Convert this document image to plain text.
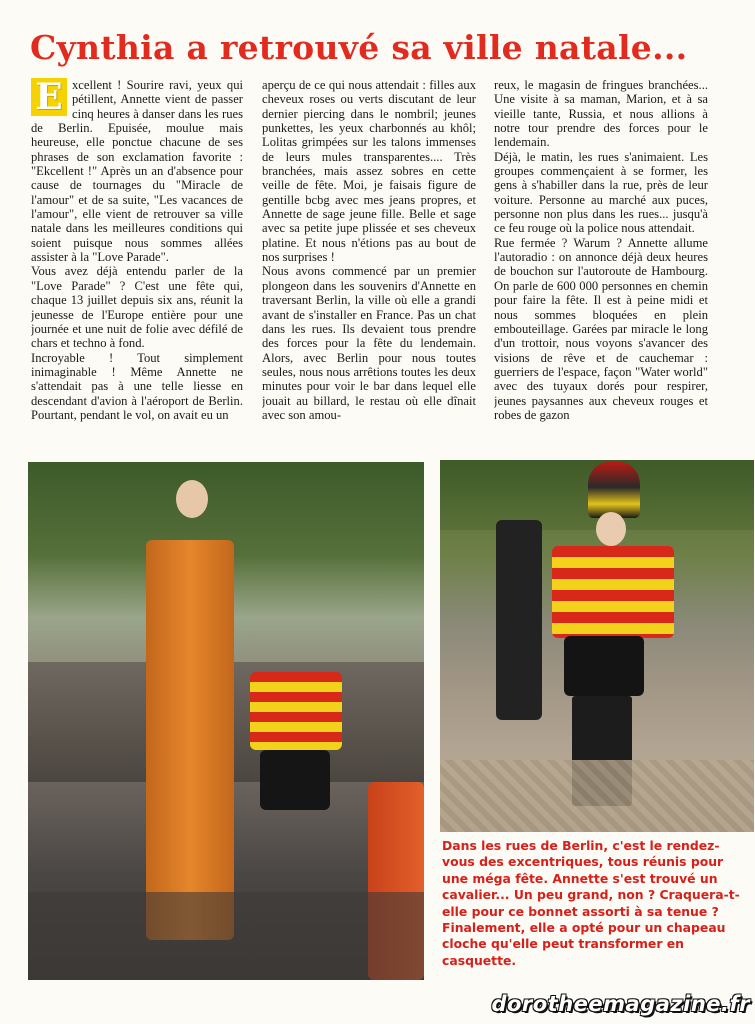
Cynthia a retrouvé sa ville natale...
E xcellent ! Sourire ravi, yeux qui pétillent, Annette vient de passer cinq heures à danser dans les rues de Berlin. Epuisée, moulue mais heureuse, elle ponctue chacune de ses phrases de son exclamation favorite : "Ekcellent !" Après un an d'absence pour cause de tournages du "Miracle de l'amour" et de sa suite, "Les vacances de l'amour", elle vient de retrouver sa ville natale dans les meilleures conditions qui soient puisque nous sommes allées assister à la "Love Parade".

Vous avez déjà entendu parler de la "Love Parade" ? C'est une fête qui, chaque 13 juillet depuis six ans, réunit la jeunesse de l'Europe entière pour une journée et une nuit de folie avec défilé de chars et techno à fond.

Incroyable ! Tout simplement inimaginable ! Même Annette ne s'attendait pas à une telle liesse en descendant d'avion à l'aéroport de Berlin. Pourtant, pendant le vol, on avait eu un

aperçu de ce qui nous attendait : filles aux cheveux roses ou verts discutant de leur dernier piercing dans le nombril; jeunes punkettes, les yeux charbonnés au khôl; Lolitas grimpées sur les talons immenses de leurs mules transparentes.... Très branchées, mais assez sobres en cette veille de fête. Moi, je faisais figure de gentille bcbg avec mes jeans propres, et Annette de sage jeune fille. Belle et sage avec sa petite jupe plissée et ses cheveux platine. Et nous n'étions pas au bout de nos surprises !

Nous avons commencé par un premier plongeon dans les souvenirs d'Annette en traversant Berlin, la ville où elle a grandi avant de s'installer en France. Pas un chat dans les rues. Ils devaient tous prendre des forces pour la fête du lendemain. Alors, avec Berlin pour nous toutes seules, nous nous arrêtions toutes les deux minutes pour voir le bar dans lequel elle jouait au billard, le restau où elle dînait avec son amou-

reux, le magasin de fringues branchées... Une visite à sa maman, Marion, et à sa vieille tante, Russia, et nous allions à notre tour prendre des forces pour le lendemain.

Déjà, le matin, les rues s'animaient. Les groupes commençaient à se former, les gens à s'habiller dans la rue, près de leur voiture. Personne au marché aux puces, personne non plus dans les rues... jusqu'à ce feu rouge où la police nous attendait.

Rue fermée ? Warum ? Annette allume l'autoradio : on annonce déjà deux heures de bouchon sur l'autoroute de Hambourg. On parle de 600 000 personnes en chemin pour faire la fête. Il est à peine midi et nous sommes bloquées en plein embouteillage. Garées par miracle le long d'un trottoir, nous voyons s'avancer des visions de rêve et de cauchemar : guerriers de l'espace, façon "Water world" avec des tuyaux dorés pour respirer, jeunes paysannes aux cheveux rouges et robes de gazon

Dans les rues de Berlin, c'est le rendez-vous des excentriques, tous réunis pour une méga fête. Annette s'est trouvé un cavalier... Un peu grand, non ? Craquera-t-elle pour ce bonnet assorti à sa tenue ? Finalement, elle a opté pour un chapeau cloche qu'elle peut transformer en casquette.

dorotheemagazine.fr
